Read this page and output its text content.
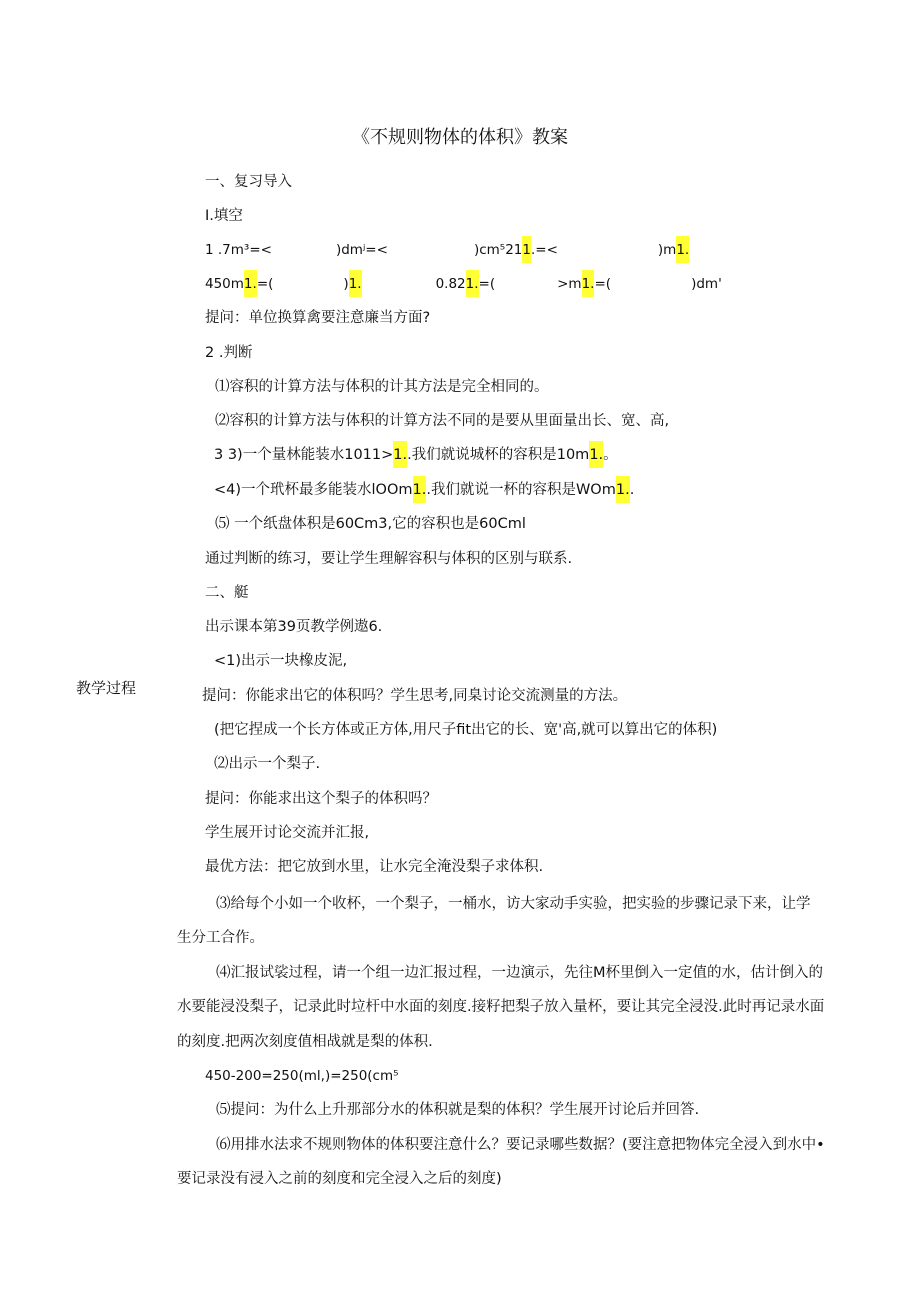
《不规则物体的体积》教案
一、复习导入
I.填空
1 .7m³=<	)dmʲ=<	)cm⁵211.=<	)m1.
450m1.=(	)1.	0.821.=(	>m1.=(	)dm'
提问：单位换算禽要注意廉当方面?
2 .判断
⑴容积的计算方法与体积的计其方法是完全相同的。
⑵容积的计算方法与体积的计算方法不同的是要从里面量出长、宽、高,
3 3)一个量林能装水1011>1..我们就说城杯的容积是10m1.。
<4)一个玳杯最多能装水lOOm1..我们就说一杯的容积是WOm1..
⑸ 一个纸盘体积是60Cm3,它的容积也是60Cml
通过判断的练习，要让学生理解容积与体积的区别与联系.
二、艇
出示课本第39页教学例遨6.
<1)出示一块橡皮泥,
教学过程	提问：你能求出它的体积吗？学生思考,同臬讨论交流测量的方法。
(把它捏成一个长方体或正方体,用尺子fit出它的长、宽'高,就可以算出它的体积)
⑵出示一个梨子.
提问：你能求出这个梨子的体积吗？
学生展开讨论交流并汇报,
最优方法：把它放到水里，让水完全淹没梨子求体积.
⑶给每个小如一个收杯，一个梨子，一桶水，访大家动手实验，把实验的步骤记录下来，让学
生分工合作。
⑷汇报试裟过程，请一个组一边汇报过程，一边演示，先往M杯里倒入一定值的水，估计倒入的
水要能浸没梨子，记录此时垃杆中水面的刻度.接籽把梨子放入量杯，要让其完全浸没.此时再记录水面
的刻度.把两次刻度值相战就是梨的体积.
450-200=250(ml,)=250(cm⁵
⑸提问：为什么上升那部分水的体积就是梨的体积？学生展开讨论后并回答.
⑹用排水法求不规则物体的体积要注意什么？要记录哪些数据？(要注意把物体完全浸入到水中•
要记录没有浸入之前的刻度和完全浸入之后的刻度)
